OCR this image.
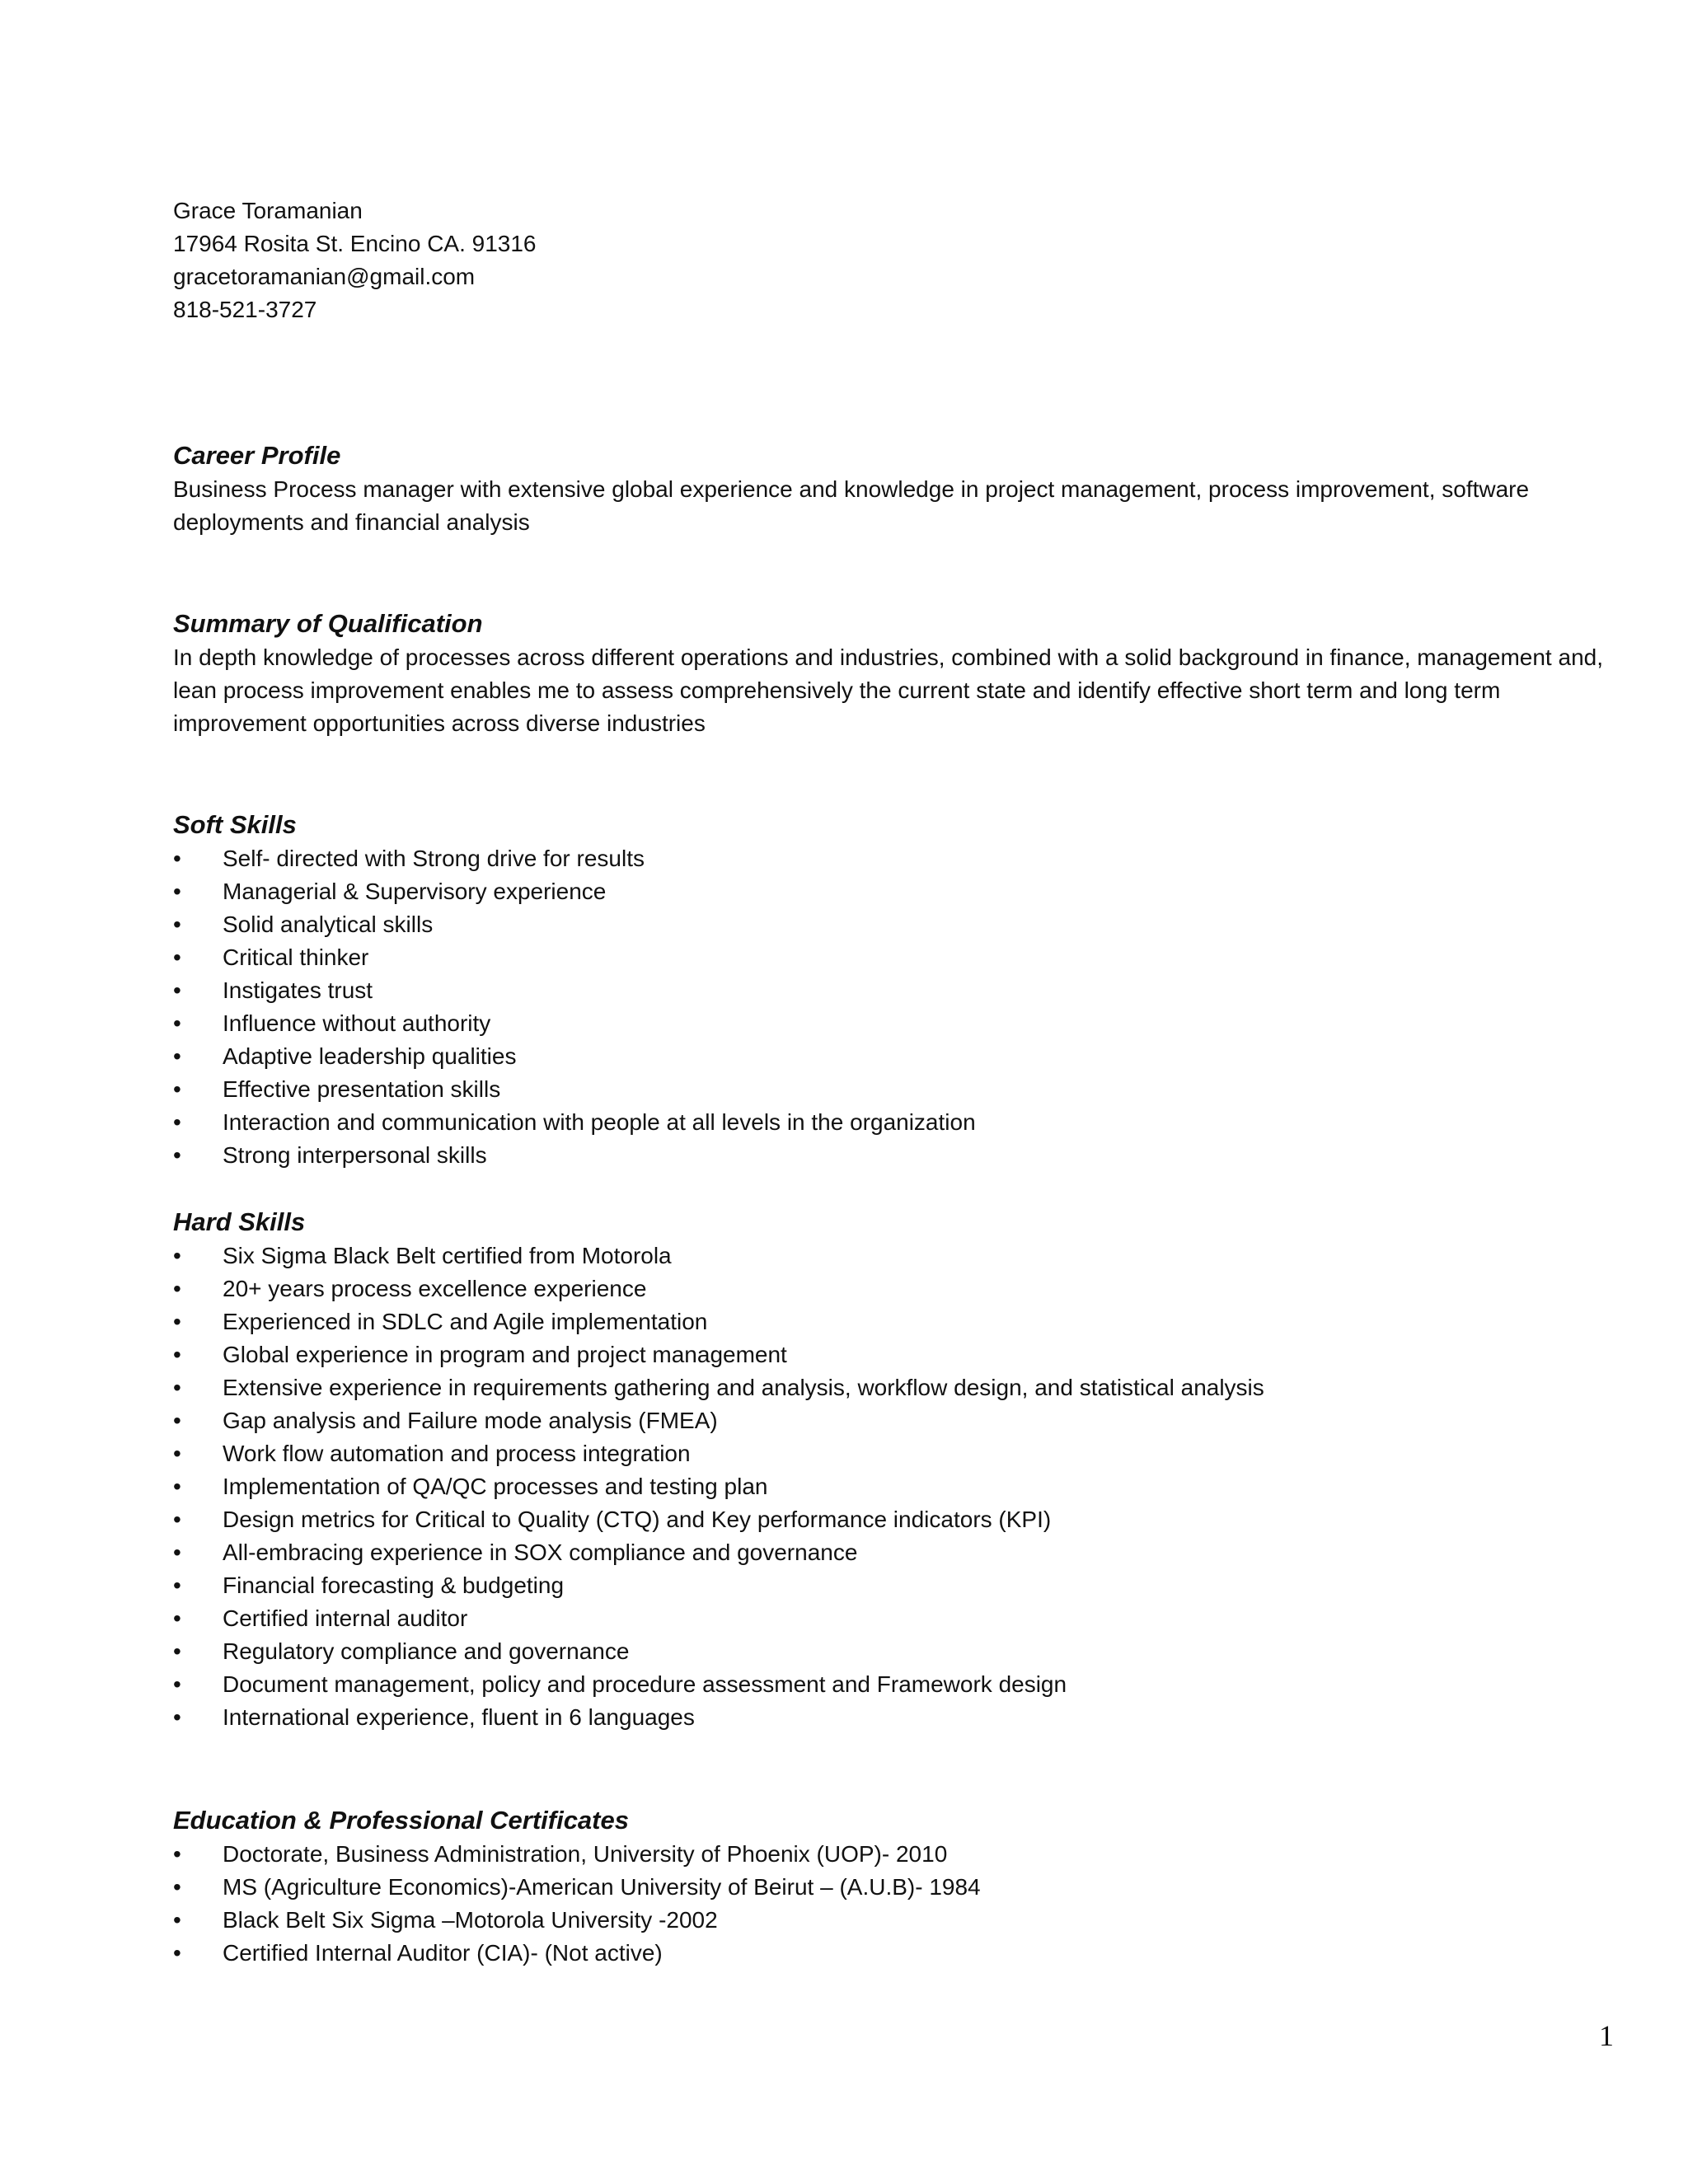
Grace Toramanian
17964 Rosita St. Encino CA. 91316
gracetoramanian@gmail.com
818-521-3727
Career Profile

Business Process manager with extensive global experience and knowledge in project management, process improvement, software deployments and financial analysis

Summary of Qualification

In depth knowledge of processes across different operations and industries, combined with a solid background in finance, management and, lean process improvement enables me to assess comprehensively the current state and identify effective short term and long term improvement opportunities across diverse industries

Soft Skills
•	Self- directed with Strong drive for results
•	Managerial & Supervisory experience
•	Solid analytical skills
•	Critical thinker
•	Instigates trust
•	Influence without authority
•	Adaptive leadership qualities
•	Effective presentation skills
•	Interaction and communication with people at all levels in the organization
•	Strong interpersonal skills
Hard Skills
•	Six Sigma Black Belt certified from Motorola
•	20+ years process excellence experience
•	Experienced in SDLC and Agile implementation
•	Global experience in program and project management
•	Extensive experience in requirements gathering and analysis, workflow design, and statistical analysis
•	Gap analysis and Failure mode analysis (FMEA)
•	Work flow automation and process integration
•	Implementation of QA/QC processes and testing plan
•	Design metrics for Critical to Quality (CTQ) and Key performance indicators (KPI)
•	All-embracing experience in SOX compliance and governance
•	Financial forecasting & budgeting
•	Certified internal auditor
•	Regulatory compliance and governance
•	Document management, policy and procedure assessment and Framework design
•	International experience, fluent in 6 languages
Education & Professional Certificates
•	Doctorate, Business Administration, University of Phoenix (UOP)- 2010
•	MS (Agriculture Economics)-American University of Beirut – (A.U.B)- 1984
•	Black Belt Six Sigma –Motorola University -2002
•	Certified Internal Auditor (CIA)- (Not active)
1
